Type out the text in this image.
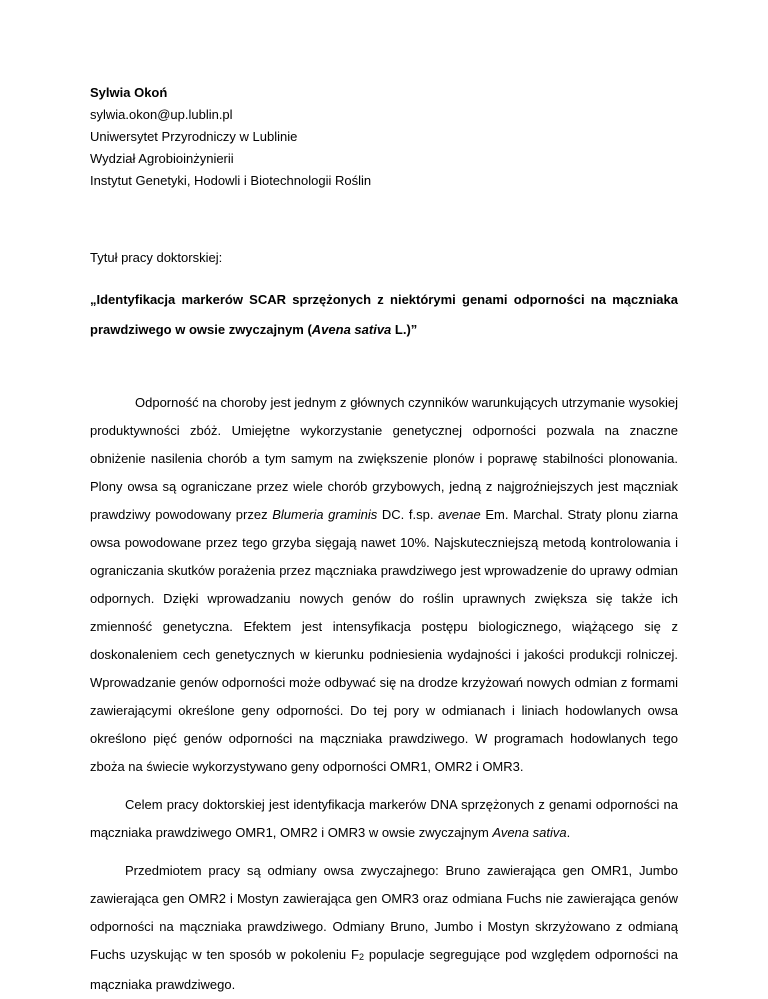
Sylwia Okoń
sylwia.okon@up.lublin.pl
Uniwersytet Przyrodniczy w Lublinie
Wydział Agrobioinżynierii
Instytut Genetyki, Hodowli i Biotechnologii Roślin
Tytuł pracy doktorskiej:

„Identyfikacja markerów SCAR sprzężonych z niektórymi genami odporności na mączniaka prawdziwego w owsie zwyczajnym (Avena sativa L.)”

Odporność na choroby jest jednym z głównych czynników warunkujących utrzymanie wysokiej produktywności zbóż. Umiejętne wykorzystanie genetycznej odporności pozwala na znaczne obniżenie nasilenia chorób a tym samym na zwiększenie plonów i poprawę stabilności plonowania. Plony owsa są ograniczane przez wiele chorób grzybowych, jedną z najgroźniejszych jest mączniak prawdziwy powodowany przez Blumeria graminis DC. f.sp. avenae Em. Marchal. Straty plonu ziarna owsa powodowane przez tego grzyba sięgają nawet 10%. Najskuteczniejszą metodą kontrolowania i ograniczania skutków porażenia przez mączniaka prawdziwego jest wprowadzenie do uprawy odmian odpornych. Dzięki wprowadzaniu nowych genów do roślin uprawnych zwiększa się także ich zmienność genetyczna. Efektem jest intensyfikacja postępu biologicznego, wiążącego się z doskonaleniem cech genetycznych w kierunku podniesienia wydajności i jakości produkcji rolniczej. Wprowadzanie genów odporności może odbywać się na drodze krzyżowań nowych odmian z formami zawierającymi określone geny odporności. Do tej pory w odmianach i liniach hodowlanych owsa określono pięć genów odporności na mączniaka prawdziwego. W programach hodowlanych tego zboża na świecie wykorzystywano geny odporności OMR1, OMR2 i OMR3.

Celem pracy doktorskiej jest identyfikacja markerów DNA sprzężonych z genami odporności na mączniaka prawdziwego OMR1, OMR2 i OMR3 w owsie zwyczajnym Avena sativa.

Przedmiotem pracy są odmiany owsa zwyczajnego: Bruno zawierająca gen OMR1, Jumbo zawierająca gen OMR2 i Mostyn zawierająca gen OMR3 oraz odmiana Fuchs nie zawierająca genów odporności na mączniaka prawdziwego. Odmiany Bruno, Jumbo i Mostyn skrzyżowano z odmianą Fuchs uzyskując w ten sposób w pokoleniu $F_2$ populacje segregujące pod względem odporności na mączniaka prawdziwego.
